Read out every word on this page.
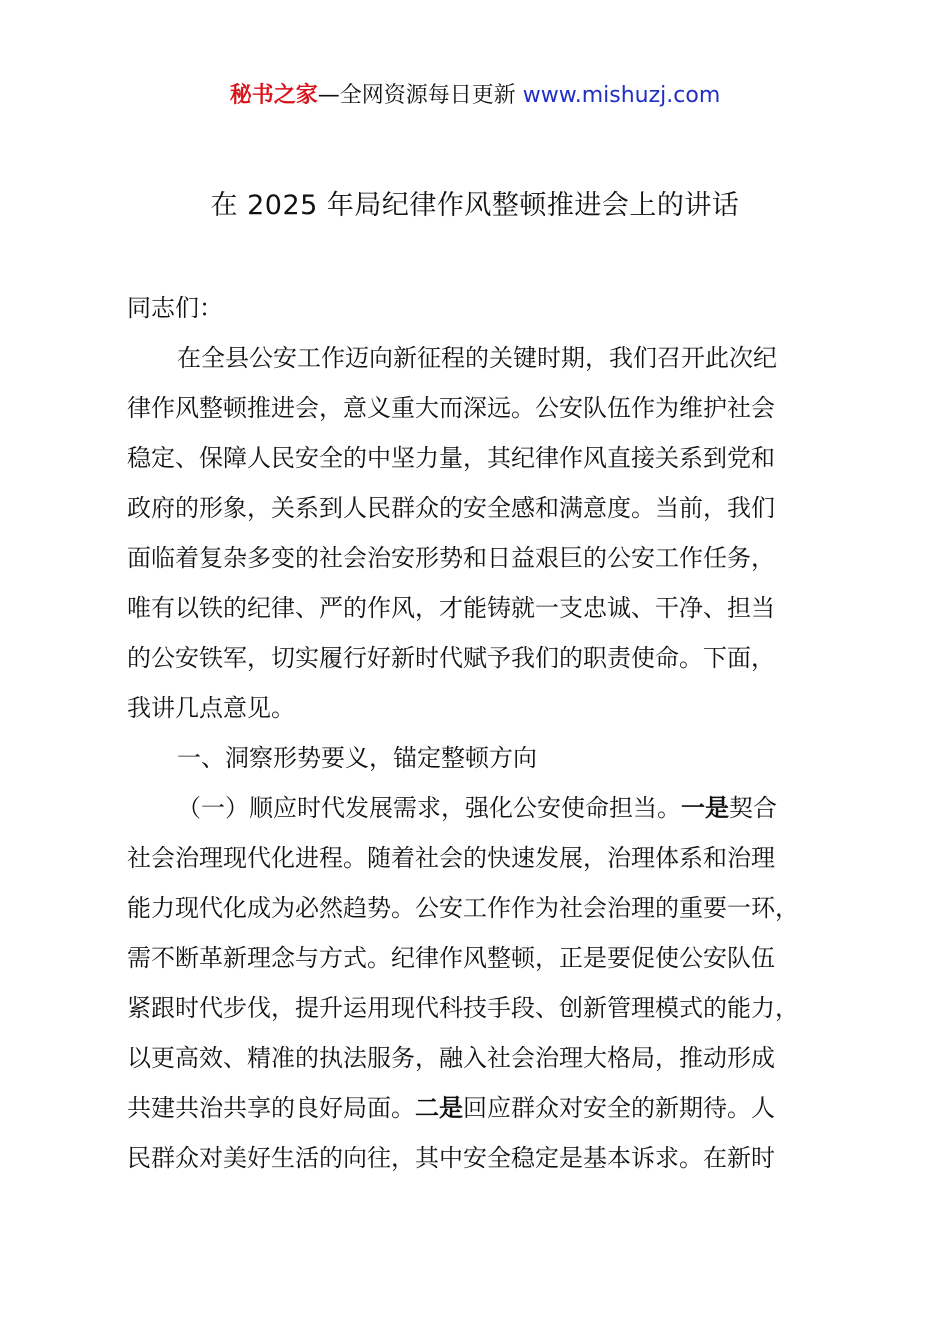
秘书之家—全网资源每日更新 www.mishuzj.com
在 2025 年局纪律作风整顿推进会上的讲话
同志们：
在全县公安工作迈向新征程的关键时期，我们召开此次纪
律作风整顿推进会，意义重大而深远。公安队伍作为维护社会
稳定、保障人民安全的中坚力量，其纪律作风直接关系到党和
政府的形象，关系到人民群众的安全感和满意度。当前，我们
面临着复杂多变的社会治安形势和日益艰巨的公安工作任务，
唯有以铁的纪律、严的作风，才能铸就一支忠诚、干净、担当
的公安铁军，切实履行好新时代赋予我们的职责使命。下面，
我讲几点意见。
一、洞察形势要义，锚定整顿方向
（一）顺应时代发展需求，强化公安使命担当。一是契合
社会治理现代化进程。随着社会的快速发展，治理体系和治理
能力现代化成为必然趋势。公安工作作为社会治理的重要一环，
需不断革新理念与方式。纪律作风整顿，正是要促使公安队伍
紧跟时代步伐，提升运用现代科技手段、创新管理模式的能力，
以更高效、精准的执法服务，融入社会治理大格局，推动形成
共建共治共享的良好局面。二是回应群众对安全的新期待。人
民群众对美好生活的向往，其中安全稳定是基本诉求。在新时
